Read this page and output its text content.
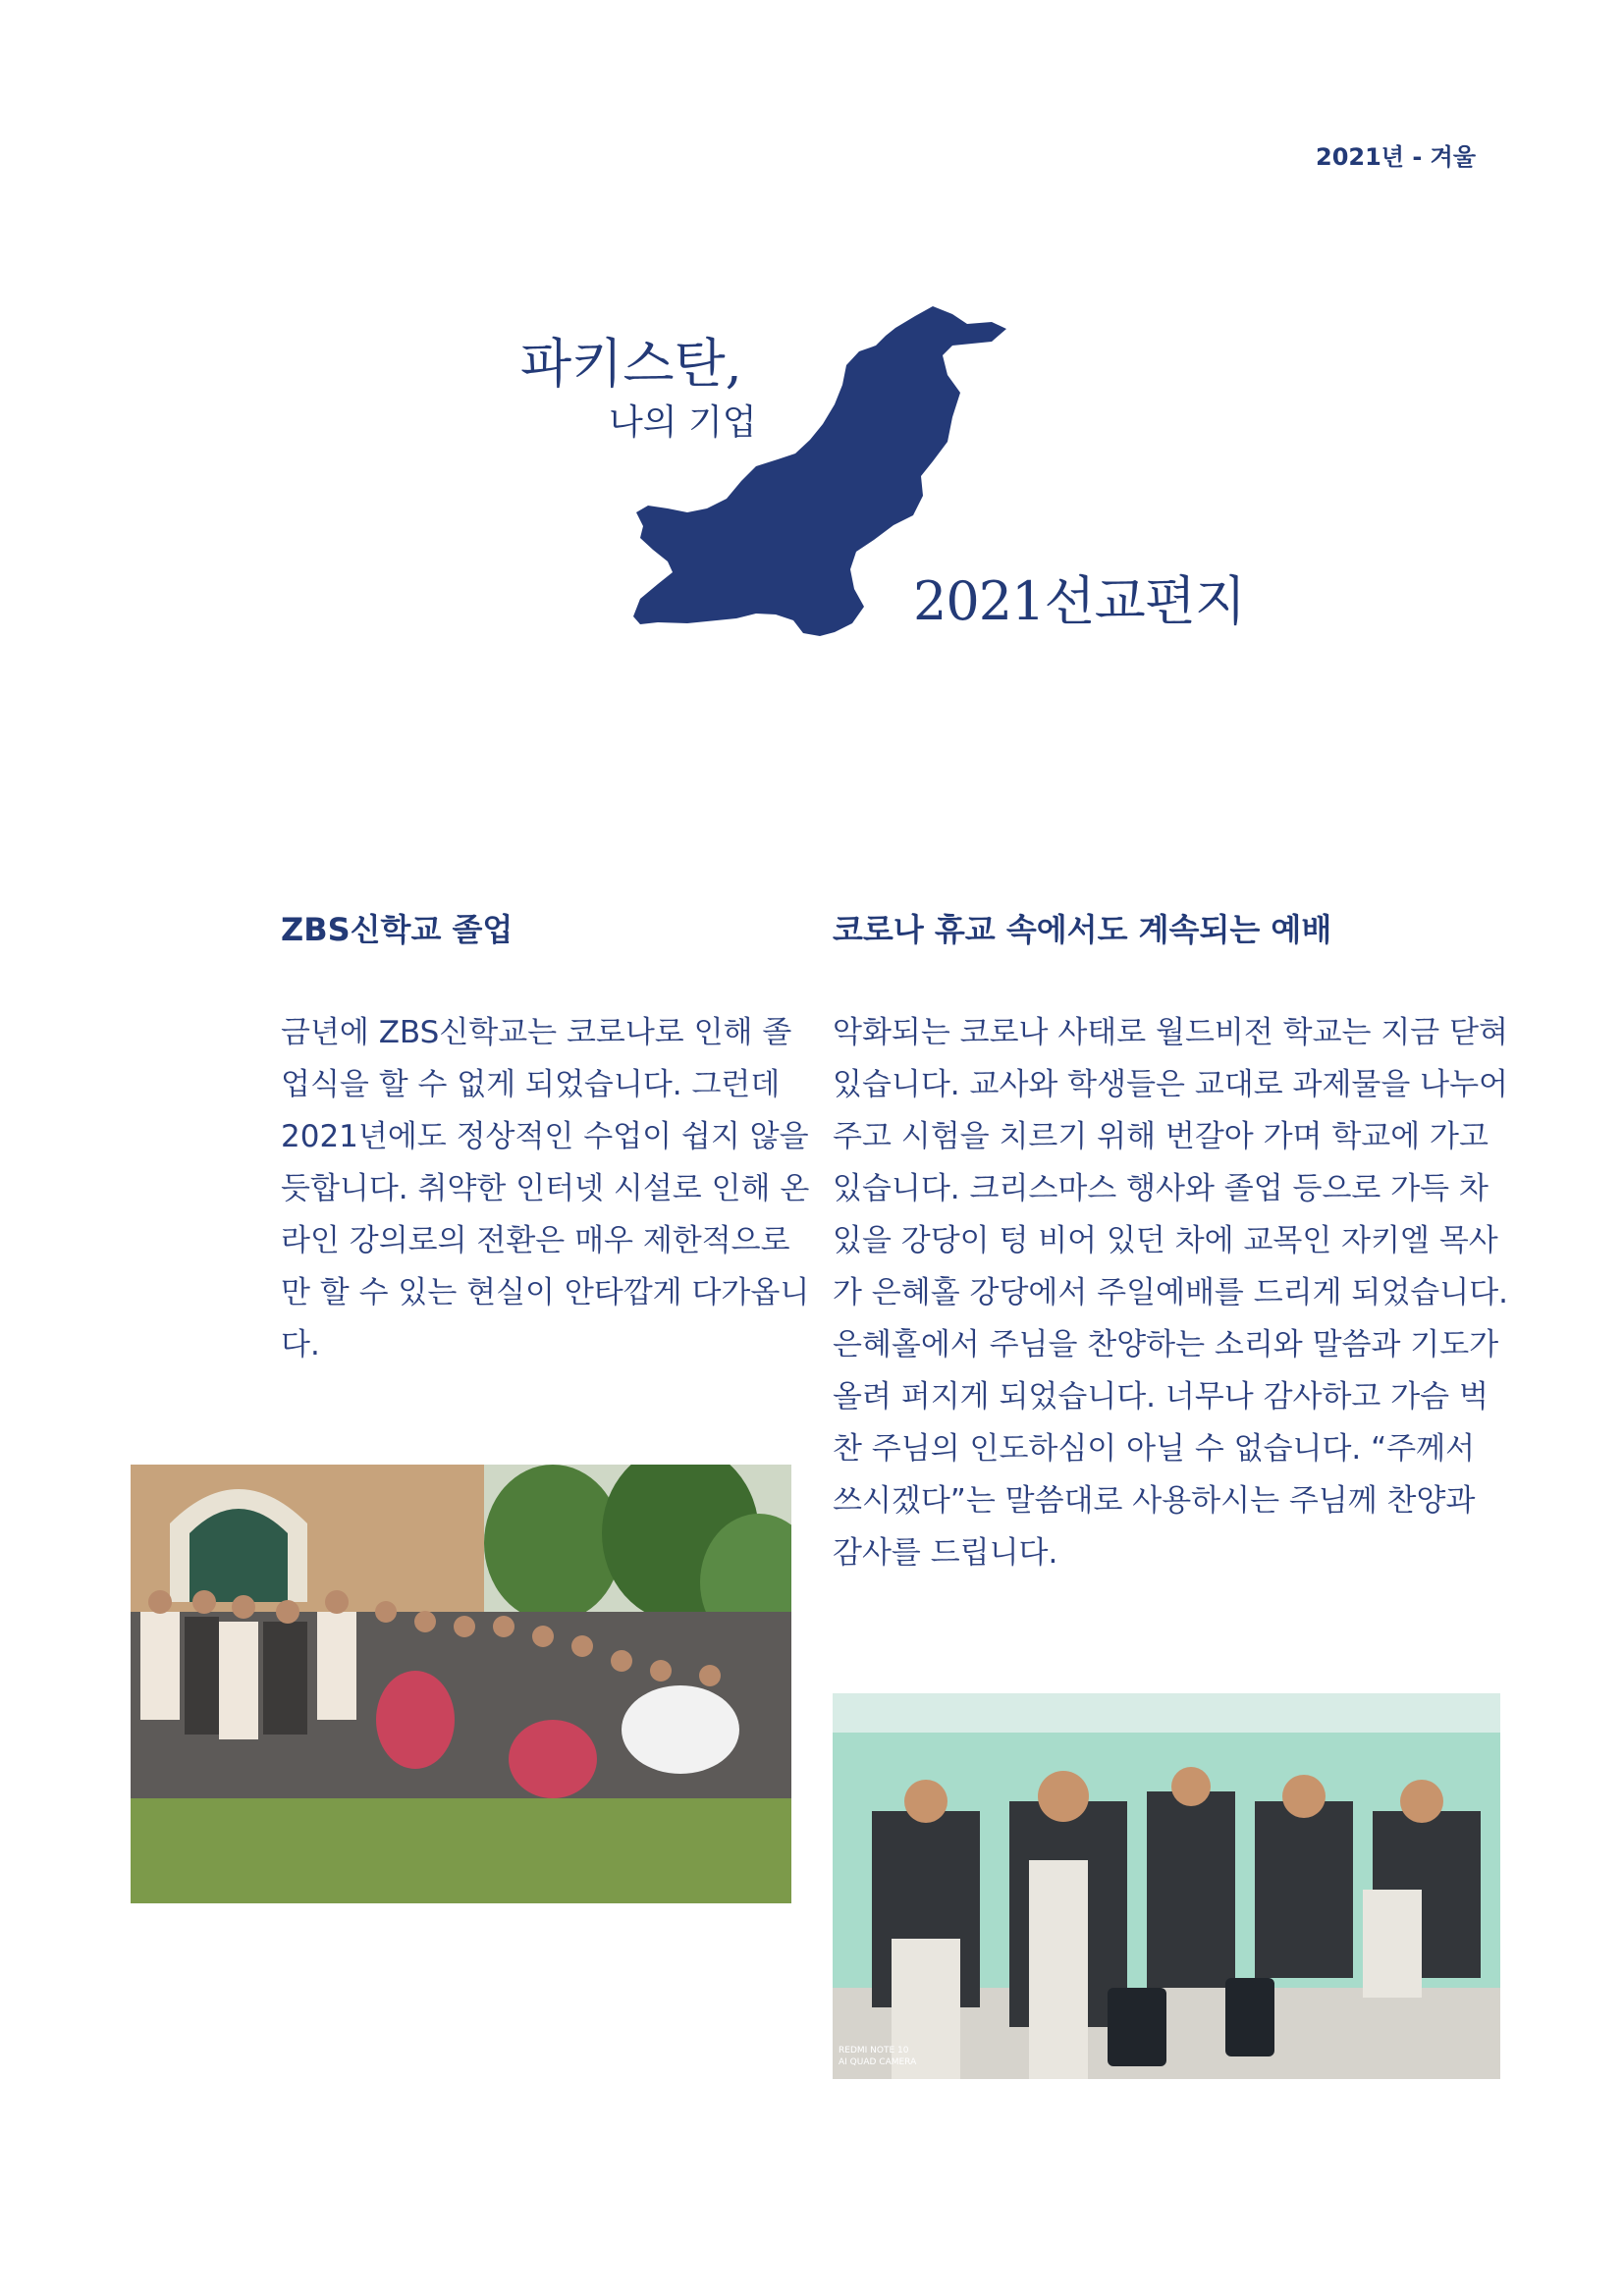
2021년 - 겨울
파키스탄,
나의 기업
2021선교편지
ZBS신학교 졸업
금년에 ZBS신학교는 코로나로 인해 졸업식을 할 수 없게 되었습니다. 그런데 2021년에도 정상적인 수업이 쉽지 않을 듯합니다. 취약한 인터넷 시설로 인해 온라인 강의로의 전환은 매우 제한적으로만 할 수 있는 현실이 안타깝게 다가옵니다.
코로나 휴교 속에서도 계속되는 예배
악화되는 코로나 사태로 월드비전 학교는 지금 닫혀 있습니다. 교사와 학생들은 교대로 과제물을 나누어주고 시험을 치르기 위해 번갈아 가며 학교에 가고 있습니다. 크리스마스 행사와 졸업 등으로 가득 차 있을 강당이 텅 비어 있던 차에 교목인 자키엘 목사가 은혜홀 강당에서 주일예배를 드리게 되었습니다. 은혜홀에서 주님을 찬양하는 소리와 말씀과 기도가 올려 퍼지게 되었습니다. 너무나 감사하고 가슴 벅찬 주님의 인도하심이 아닐 수 없습니다. “주께서 쓰시겠다”는 말씀대로 사용하시는 주님께 찬양과 감사를 드립니다.
REDMI NOTE 10
AI QUAD CAMERA
